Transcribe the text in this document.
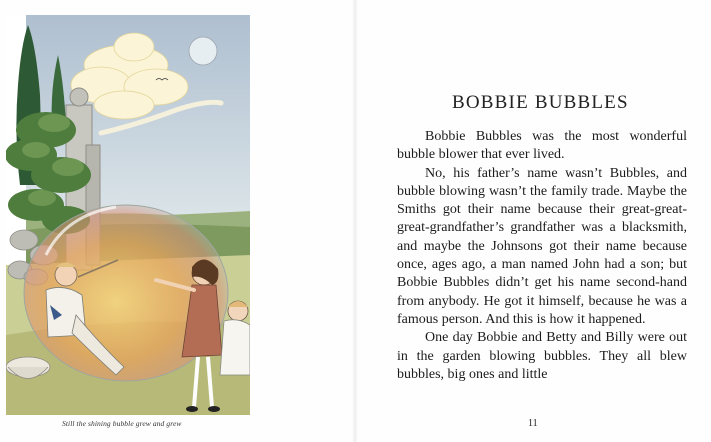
Still the shining bubble grew and grew
BOBBIE BUBBLES

Bobbie Bubbles was the most wonderful bubble blower that ever lived.

No, his father’s name wasn’t Bubbles, and bubble blowing wasn’t the family trade. Maybe the Smiths got their name because their great-great-great-grandfather’s grandfather was a blacksmith, and maybe the Johnsons got their name because once, ages ago, a man named John had a son; but Bobbie Bubbles didn’t get his name second-hand from anybody. He got it himself, because he was a famous person. And this is how it happened.

One day Bobbie and Betty and Billy were out in the garden blowing bubbles. They all blew bubbles, big ones and little

11
